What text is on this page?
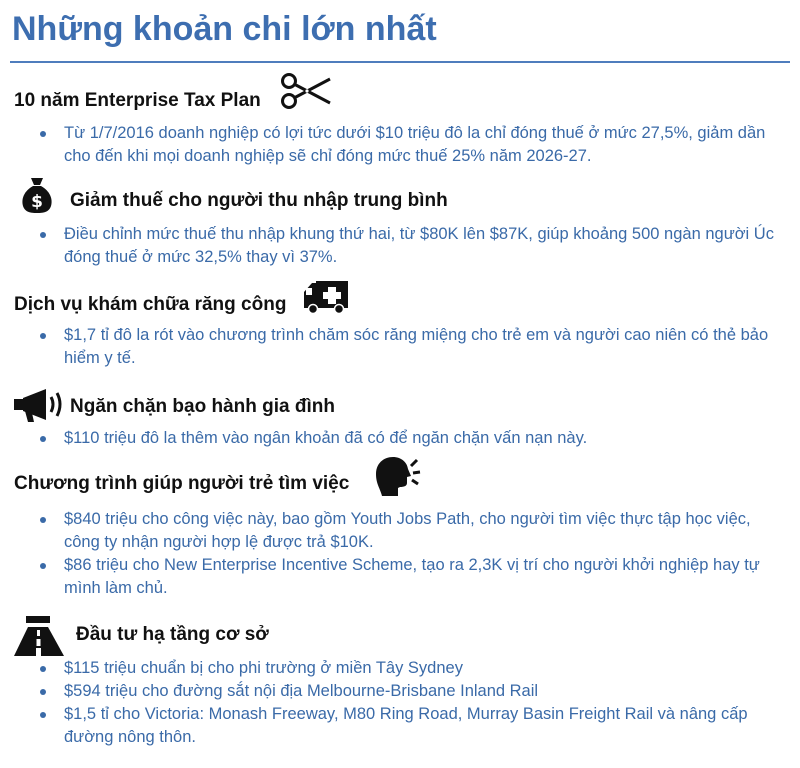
Những khoản chi lớn nhất
10 năm Enterprise Tax Plan
Từ 1/7/2016 doanh nghiệp có lợi tức dưới $10 triệu đô la chỉ đóng thuế ở mức 27,5%, giảm dần cho đến khi mọi doanh nghiệp sẽ chỉ đóng mức thuế 25% năm 2026-27.
$ Giảm thuế cho người thu nhập trung bình
Điều chỉnh mức thuế thu nhập khung thứ hai, từ $80K lên $87K, giúp khoảng 500 ngàn người Úc đóng thuế ở mức 32,5% thay vì 37%.
Dịch vụ khám chữa răng công
$1,7 tỉ đô la rót vào chương trình chăm sóc răng miệng cho trẻ em và người cao niên có thẻ bảo hiểm y tế.
Ngăn chặn bạo hành gia đình
$110 triệu đô la thêm vào ngân khoản đã có để ngăn chặn vấn nạn này.
Chương trình giúp người trẻ tìm việc
$840 triệu cho công việc này, bao gồm Youth Jobs Path, cho người tìm việc thực tập học việc, công ty nhận người hợp lệ được trả $10K.
$86 triệu cho New Enterprise Incentive Scheme, tạo ra 2,3K vị trí cho người khởi nghiệp hay tự mình làm chủ.
Đầu tư hạ tầng cơ sở
$115 triệu chuẩn bị cho phi trường ở miền Tây Sydney
$594 triệu cho đường sắt nội địa Melbourne-Brisbane Inland Rail
$1,5 tỉ cho Victoria: Monash Freeway, M80 Ring Road, Murray Basin Freight Rail và nâng cấp đường nông thôn.
